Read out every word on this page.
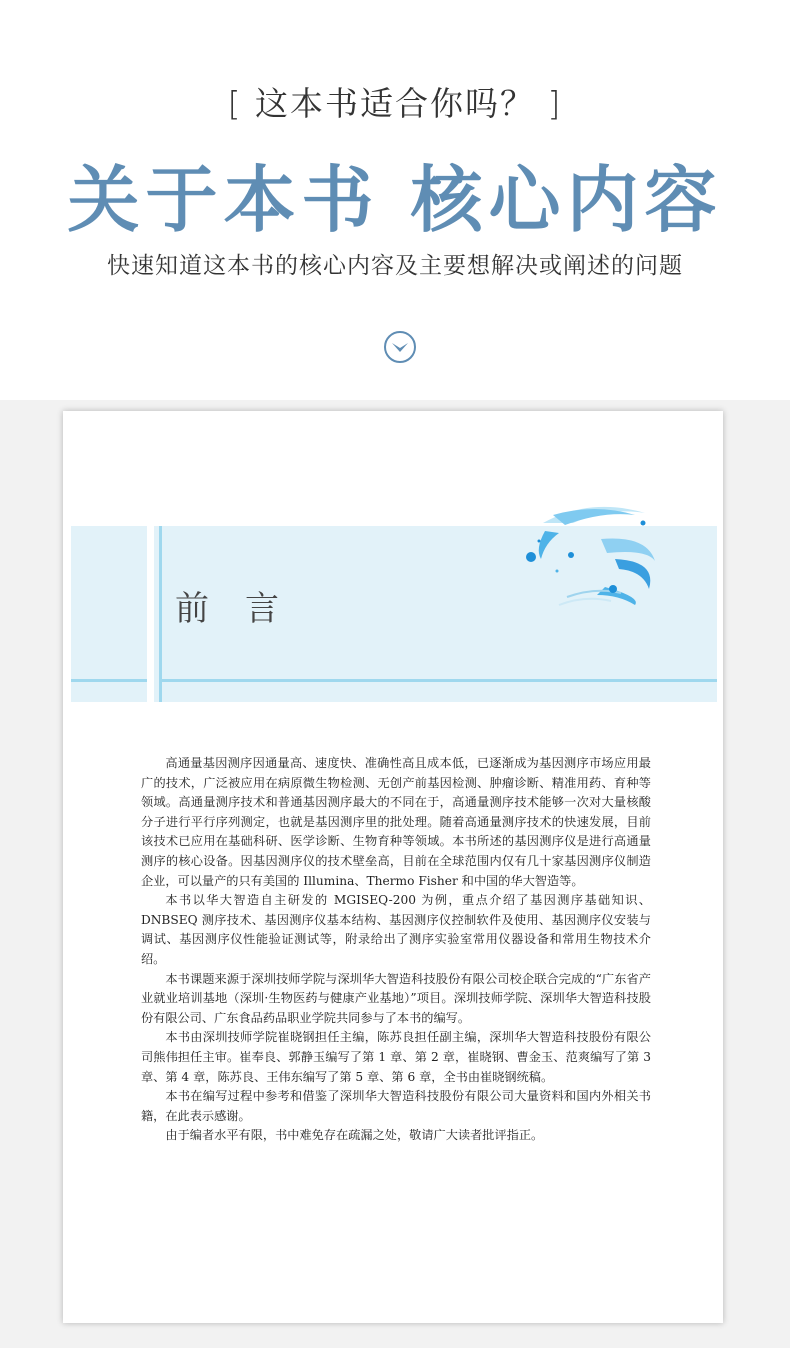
[ 这本书适合你吗？ ]
关于本书 核心内容
快速知道这本书的核心内容及主要想解决或阐述的问题
前言

高通量基因测序因通量高、速度快、准确性高且成本低，已逐渐成为基因测序市场应用最广的技术，广泛被应用在病原微生物检测、无创产前基因检测、肿瘤诊断、精准用药、育种等领域。高通量测序技术和普通基因测序最大的不同在于，高通量测序技术能够一次对大量核酸分子进行平行序列测定，也就是基因测序里的批处理。随着高通量测序技术的快速发展，目前该技术已应用在基础科研、医学诊断、生物育种等领域。本书所述的基因测序仪是进行高通量测序的核心设备。因基因测序仪的技术壁垒高，目前在全球范围内仅有几十家基因测序仪制造企业，可以量产的只有美国的 Illumina、Thermo Fisher 和中国的华大智造等。

本书以华大智造自主研发的 MGISEQ-200 为例，重点介绍了基因测序基础知识、DNBSEQ 测序技术、基因测序仪基本结构、基因测序仪控制软件及使用、基因测序仪安装与调试、基因测序仪性能验证测试等，附录给出了测序实验室常用仪器设备和常用生物技术介绍。

本书课题来源于深圳技师学院与深圳华大智造科技股份有限公司校企联合完成的“广东省产业就业培训基地（深圳·生物医药与健康产业基地）”项目。深圳技师学院、深圳华大智造科技股份有限公司、广东食品药品职业学院共同参与了本书的编写。

本书由深圳技师学院崔晓钢担任主编，陈苏良担任副主编，深圳华大智造科技股份有限公司熊伟担任主审。崔奉良、郭静玉编写了第 1 章、第 2 章，崔晓钢、曹金玉、范爽编写了第 3 章、第 4 章，陈苏良、王伟东编写了第 5 章、第 6 章，全书由崔晓钢统稿。

本书在编写过程中参考和借鉴了深圳华大智造科技股份有限公司大量资料和国内外相关书籍，在此表示感谢。

由于编者水平有限，书中难免存在疏漏之处，敬请广大读者批评指正。
